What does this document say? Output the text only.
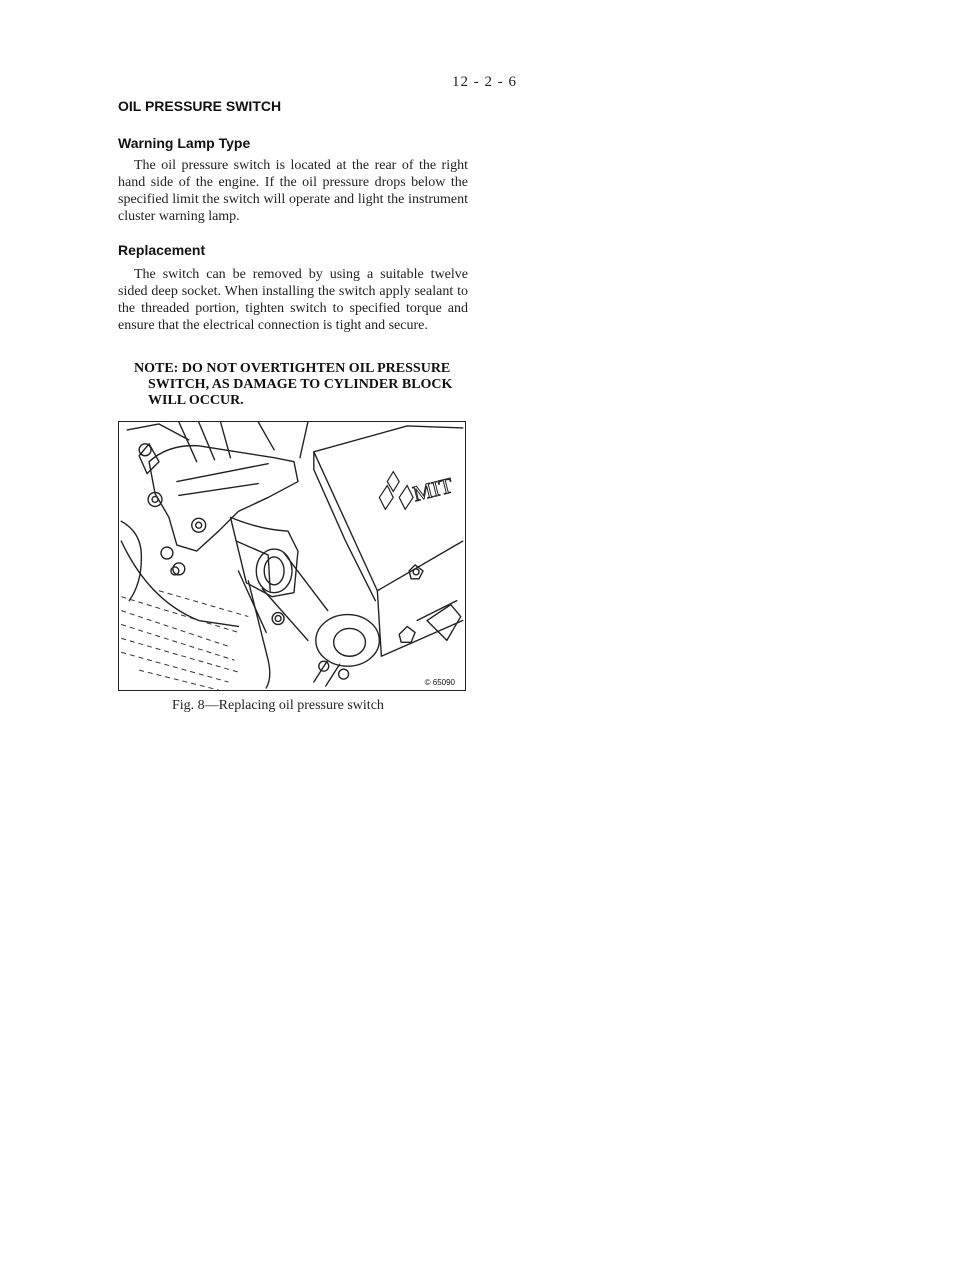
12 - 2 - 6
OIL PRESSURE SWITCH
Warning Lamp Type

The oil pressure switch is located at the rear of the right hand side of the engine. If the oil pressure drops below the specified limit the switch will operate and light the instrument cluster warning lamp.

Replacement

The switch can be removed by using a suitable twelve sided deep socket. When installing the switch apply sealant to the threaded portion, tighten switch to specified torque and ensure that the electrical connection is tight and secure.

NOTE: DO NOT OVERTIGHTEN OIL PRESSURE SWITCH, AS DAMAGE TO CYLINDER BLOCK WILL OCCUR.

MIT
© 65090
Fig. 8—Replacing oil pressure switch
